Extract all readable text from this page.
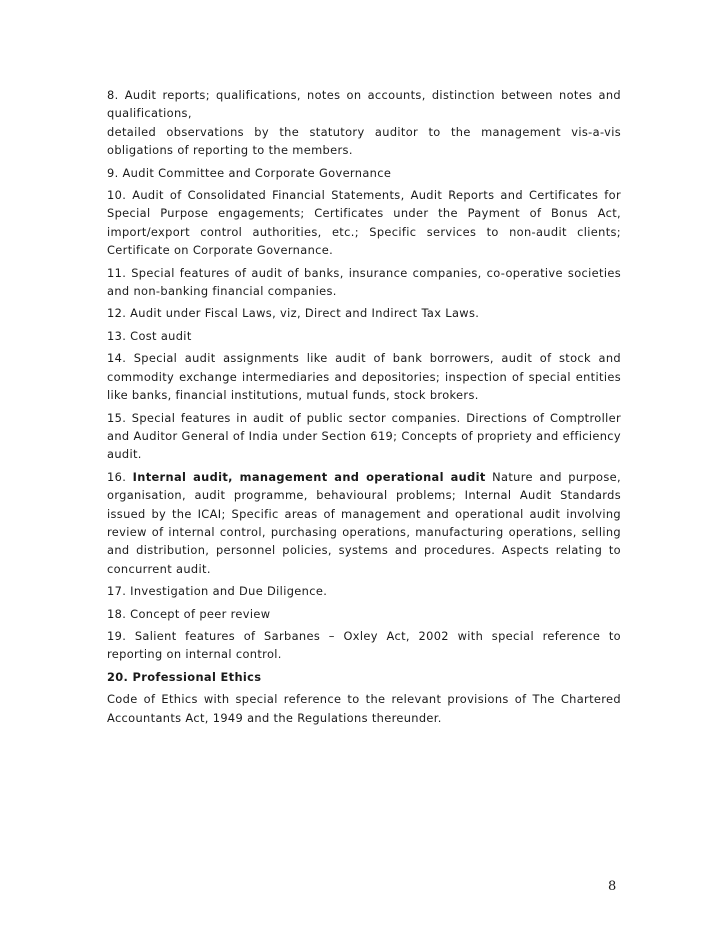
8. Audit reports; qualifications, notes on accounts, distinction between notes and qualifications,

detailed observations by the statutory auditor to the management vis-a-vis obligations of reporting to the members.

9. Audit Committee and Corporate Governance

10. Audit of Consolidated Financial Statements, Audit Reports and Certificates for Special Purpose engagements; Certificates under the Payment of Bonus Act, import/export control authorities, etc.; Specific services to non-audit clients; Certificate on Corporate Governance.

11. Special features of audit of banks, insurance companies, co-operative societies and non-banking financial companies.

12. Audit under Fiscal Laws, viz, Direct and Indirect Tax Laws.

13. Cost audit

14. Special audit assignments like audit of bank borrowers, audit of stock and commodity exchange intermediaries and depositories; inspection of special entities like banks, financial institutions, mutual funds, stock brokers.

15. Special features in audit of public sector companies. Directions of Comptroller and Auditor General of India under Section 619; Concepts of propriety and efficiency audit.

16. Internal audit, management and operational audit Nature and purpose, organisation, audit programme, behavioural problems; Internal Audit Standards issued by the ICAI; Specific areas of management and operational audit involving review of internal control, purchasing operations, manufacturing operations, selling and distribution, personnel policies, systems and procedures. Aspects relating to concurrent audit.

17. Investigation and Due Diligence.

18. Concept of peer review

19. Salient features of Sarbanes – Oxley Act, 2002 with special reference to reporting on internal control.

20. Professional Ethics

Code of Ethics with special reference to the relevant provisions of The Chartered Accountants Act, 1949 and the Regulations thereunder.

8
